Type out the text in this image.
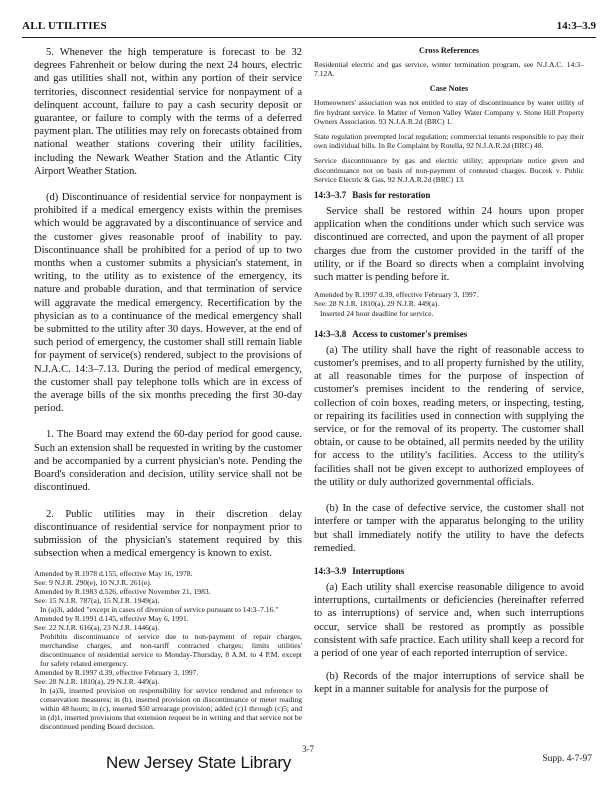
ALL UTILITIES	14:3–3.9

5. Whenever the high temperature is forecast to be 32 degrees Fahrenheit or below during the next 24 hours, electric and gas utilities shall not, within any portion of their service territories, disconnect residential service for nonpayment of a delinquent account, failure to pay a cash security deposit or guarantee, or failure to comply with the terms of a deferred payment plan. The utilities may rely on forecasts obtained from national weather stations covering their utility facilities, including the Newark Weather Station and the Atlantic City Airport Weather Station.

(d) Discontinuance of residential service for nonpayment is prohibited if a medical emergency exists within the premises which would be aggravated by a discontinuance of service and the customer gives reasonable proof of inability to pay. Discontinuance shall be prohibited for a period of up to two months when a customer submits a physician's statement, in writing, to the utility as to existence of the emergency, its nature and probable duration, and that termination of service will aggravate the medical emergency. Recertification by the physician as to a continuance of the medical emergency shall be submitted to the utility after 30 days. However, at the end of such period of emergency, the customer shall still remain liable for payment of service(s) rendered, subject to the provisions of N.J.A.C. 14:3–7.13. During the period of medical emergency, the customer shall pay telephone tolls which are in excess of the average bills of the six months preceding the first 30-day period.

1. The Board may extend the 60-day period for good cause. Such an extension shall be requested in writing by the customer and be accompanied by a current physician's note. Pending the Board's consideration and decision, utility service shall not be discontinued.

2. Public utilities may in their discretion delay discontinuance of residential service for nonpayment prior to submission of the physician's statement required by this subsection when a medical emergency is known to exist.

Amended by R.1978 d.155, effective May 16, 1978.

See: 9 N.J.R. 290(e), 10 N.J.R. 261(e).

Amended by R.1983 d.526, effective November 21, 1983.

See: 15 N.J.R. 787(a), 15 N.J.R. 1949(a).

In (a)3i, added "except in cases of diversion of service pursuant to 14:3–7.16."

Amended by R.1991 d.145, effective May 6, 1991.

See: 22 N.J.R. 616(a), 23 N.J.R. 1446(a).

Prohibits discontinuance of service due to non-payment of repair charges, merchandise charges, and non-tariff contracted charges; limits utilities' discontinuance of residential service to Monday-Thursday, 8 A.M. to 4 P.M. except for safety related emergency.

Amended by R.1997 d.39, effective February 3, 1997.

See: 28 N.J.R. 1810(a), 29 N.J.R. 449(a).

In (a)3i, inserted provision on responsibility for service rendered and reference to conservation measures; in (b), inserted provision on discontinuance or meter reading within 48 hours; in (c), inserted $50 arrearage provision; added (c)1 through (c)5; and in (d)1, inserted provisions that extension request be in writing and that service not be discontinued pending Board decision.

Cross References

Residential electric and gas service, winter termination program, see N.J.A.C. 14:3–7.12A.

Case Notes

Homeowners' association was not entitled to stay of discontinuance by water utility of fire hydrant service. In Matter of Vernon Valley Water Company v. Stone Hill Property Owners Association. 93 N.J.A.R.2d (BRC) 1.

State regulation preempted local regulation; commercial tenants responsible to pay their own individual bills. In Re Complaint by Rotella, 92 N.J.A.R.2d (BRC) 48.

Service discontinuance by gas and electric utility; appropriate notice given and discontinuance not on basis of non-payment of contested charges. Buczek v. Public Service Electric & Gas, 92 N.J.A.R.2d (BRC) 13.

14:3–3.7 Basis for restoration

Service shall be restored within 24 hours upon proper application when the conditions under which such service was discontinued are corrected, and upon the payment of all proper charges due from the customer provided in the tariff of the utility, or if the Board so directs when a complaint involving such matter is pending before it.

Amended by R.1997 d.39, effective February 3, 1997.

See: 28 N.J.R. 1810(a), 29 N.J.R. 449(a).

Inserted 24 hour deadline for service.

14:3–3.8 Access to customer's premises

(a) The utility shall have the right of reasonable access to customer's premises, and to all property furnished by the utility, at all reasonable times for the purpose of inspection of customer's premises incident to the rendering of service, collection of coin boxes, reading meters, or inspecting, testing, or repairing its facilities used in connection with supplying the service, or for the removal of its property. The customer shall obtain, or cause to be obtained, all permits needed by the utility for access to the utility's facilities. Access to the utility's facilities shall not be given except to authorized employees of the utility or duly authorized governmental officials.

(b) In the case of defective service, the customer shall not interfere or tamper with the apparatus belonging to the utility but shall immediately notify the utility to have the defects remedied.

14:3–3.9 Interruptions

(a) Each utility shall exercise reasonable diligence to avoid interruptions, curtailments or deficiencies (hereinafter referred to as interruptions) of service and, when such interruptions occur, service shall be restored as promptly as possible consistent with safe practice. Each utility shall keep a record for a period of one year of each reported interruption of service.

(b) Records of the major interruptions of service shall be kept in a manner suitable for analysis for the purpose of

New Jersey State Library
3-7
Supp. 4-7-97
